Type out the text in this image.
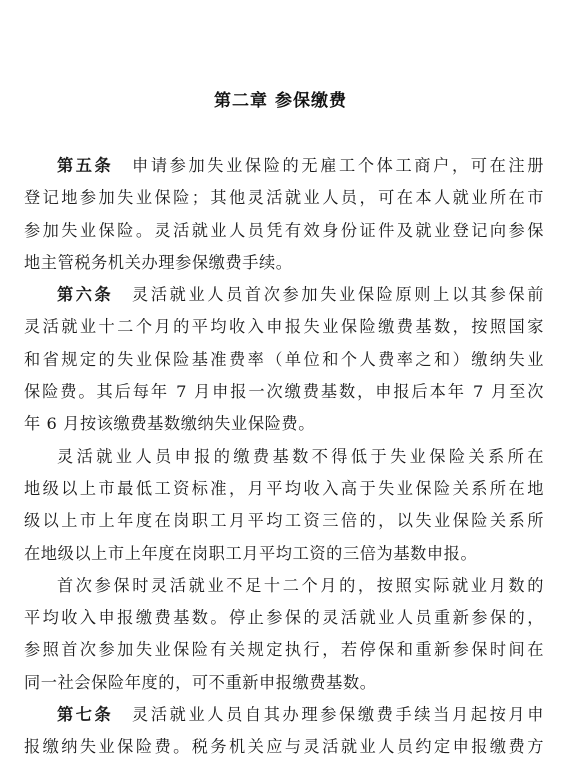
第二章 参保缴费
第五条　 申请参加失业保险的无雇工个体工商户，可在注册
登记地参加失业保险；其他灵活就业人员，可在本人就业所在市
参加失业保险。灵活就业人员凭有效身份证件及就业登记向参保
地主管税务机关办理参保缴费手续。
第六条　 灵活就业人员首次参加失业保险原则上以其参保前
灵活就业十二个月的平均收入申报失业保险缴费基数，按照国家
和省规定的失业保险基准费率（单位和个人费率之和）缴纳失业
保险费。其后每年 7 月申报一次缴费基数，申报后本年 7 月至次
年 6 月按该缴费基数缴纳失业保险费。
灵活就业人员申报的缴费基数不得低于失业保险关系所在
地级以上市最低工资标准，月平均收入高于失业保险关系所在地
级以上市上年度在岗职工月平均工资三倍的，以失业保险关系所
在地级以上市上年度在岗职工月平均工资的三倍为基数申报。
首次参保时灵活就业不足十二个月的，按照实际就业月数的
平均收入申报缴费基数。停止参保的灵活就业人员重新参保的，
参照首次参加失业保险有关规定执行，若停保和重新参保时间在
同一社会保险年度的，可不重新申报缴费基数。
第七条　 灵活就业人员自其办理参保缴费手续当月起按月申
报缴纳失业保险费。税务机关应与灵活就业人员约定申报缴费方
